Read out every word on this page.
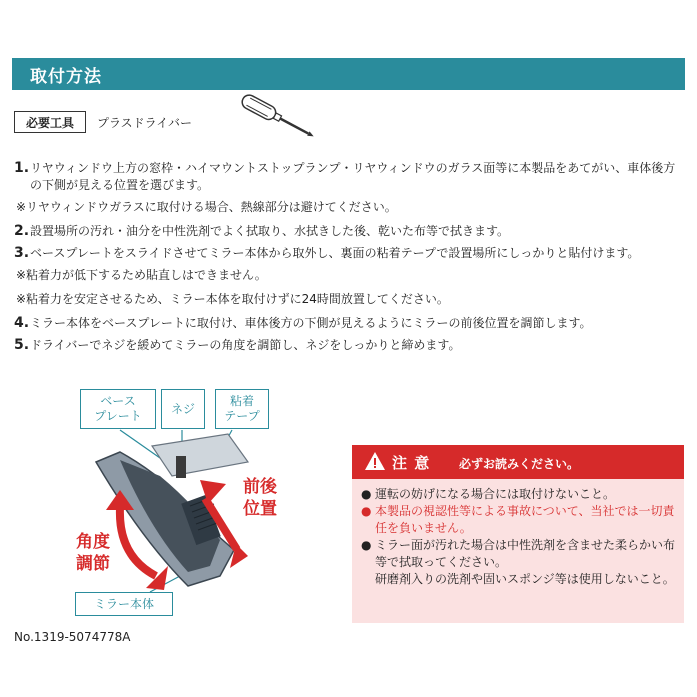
取付方法
必要工具	プラスドライバー
1. リヤウィンドウ上方の窓枠・ハイマウントストップランプ・リヤウィンドウのガラス面等に本製品をあてがい、車体後方の下側が見える位置を選びます。
※リヤウィンドウガラスに取付ける場合、熱線部分は避けてください。
2. 設置場所の汚れ・油分を中性洗剤でよく拭取り、水拭きした後、乾いた布等で拭きます。
3. ベースプレートをスライドさせてミラー本体から取外し、裏面の粘着テープで設置場所にしっかりと貼付けます。
※粘着力が低下するため貼直しはできません。
※粘着力を安定させるため、ミラー本体を取付けずに24時間放置してください。
4. ミラー本体をベースプレートに取付け、車体後方の下側が見えるようにミラーの前後位置を調節します。
5. ドライバーでネジを緩めてミラーの角度を調節し、ネジをしっかりと締めます。
ベース
プレート
ネジ
粘着
テープ
ミラー本体
前後
位置
角度
調節
注 意 必ずお読みください。
● 運転の妨げになる場合には取付けないこと。
● 本製品の視認性等による事故について、当社では一切責任を負いません。
● ミラー面が汚れた場合は中性洗剤を含ませた柔らかい布等で拭取ってください。
研磨剤入りの洗剤や固いスポンジ等は使用しないこと。
No.1319-5074778A
